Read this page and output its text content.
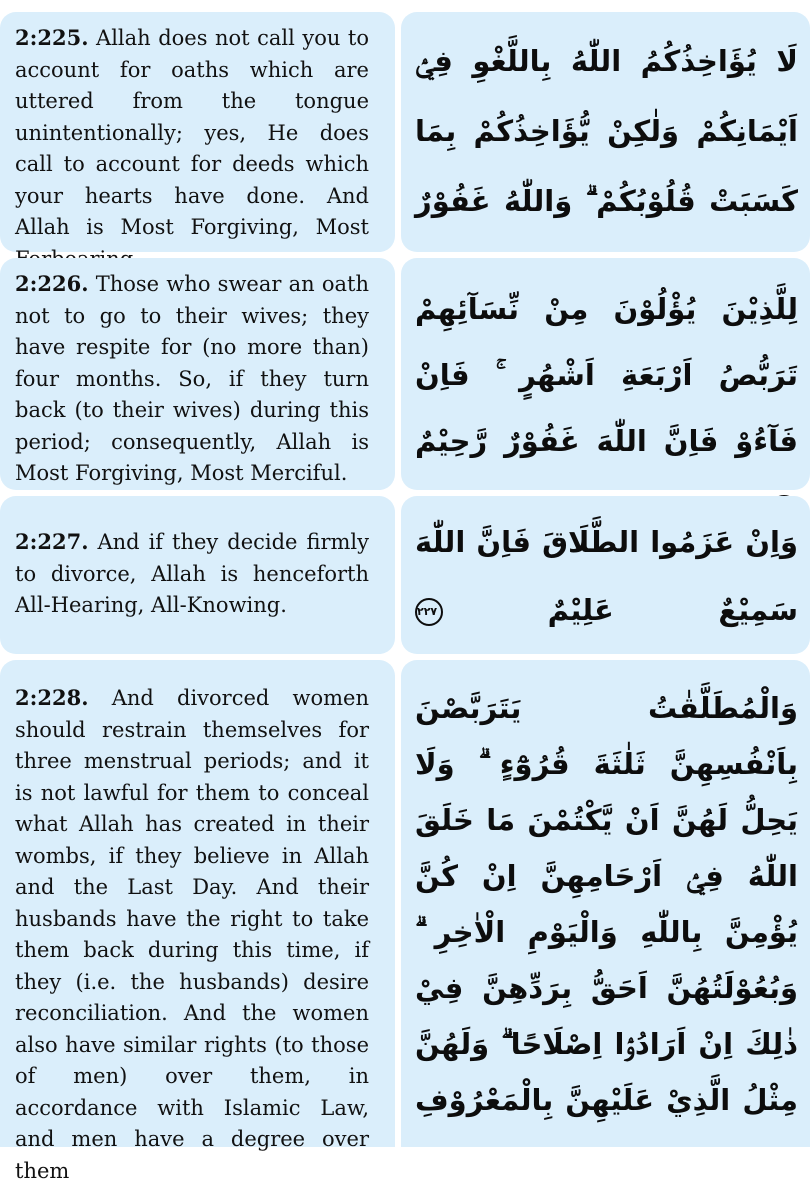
2:225. Allah does not call you to account for oaths which are uttered from the tongue unintentionally; yes, He does call to account for deeds which your hearts have done. And Allah is Most Forgiving, Most

لَا يُؤَاخِذُكُمُ اللّٰهُ بِاللَّغْوِ فِيْۤ اَيْمَانِكُمْ وَلٰكِنْ يُّؤَاخِذُكُمْ بِمَا كَسَبَتْ قُلُوْبُكُمْ ۗ وَاللّٰهُ غَفُوْرٌ

2:226. Those who swear an oath not to go to their wives; they have respite for (no more than) four months. So, if they turn back (to their wives) during this period; consequently, Allah is Most Forgiving, Most Merciful.

لِلَّذِيْنَ يُؤْلُوْنَ مِنْ نِّسَآئِهِمْ تَرَبُّصُ اَرْبَعَةِ اَشْهُرٍ ۚ فَاِنْ فَآءُوْ فَاِنَّ اللّٰهَ غَفُوْرٌ رَّحِيْمٌ

2:227. And if they decide firmly to divorce, Allah is henceforth All-Hearing, All-Knowing.

وَاِنْ عَزَمُوا الطَّلَاقَ فَاِنَّ اللّٰهَ سَمِيْعٌ عَلِيْمٌ ٢٢٧

2:228. And divorced women should restrain themselves for three menstrual periods; and it is not lawful for them to conceal what Allah has created in their wombs, if they believe in Allah and the Last Day. And their husbands have the right to take them back during this time, if they (i.e. the husbands) desire reconciliation. And the women also have similar rights (to those of men) over them, in accordance with Islamic Law, and men have a degree over them

وَالْمُطَلَّقٰتُ يَتَرَبَّصْنَ بِاَنْفُسِهِنَّ ثَلٰثَةَ قُرُوْٓءٍ ۗ وَلَا يَحِلُّ لَهُنَّ اَنْ يَّكْتُمْنَ مَا خَلَقَ اللّٰهُ فِيْۤ اَرْحَامِهِنَّ اِنْ كُنَّ يُؤْمِنَّ بِاللّٰهِ وَالْيَوْمِ الْاٰخِرِ ۗ وَبُعُوْلَتُهُنَّ اَحَقُّ بِرَدِّهِنَّ فِيْ ذٰلِكَ اِنْ اَرَادُوْۤا اِصْلَاحًا ۗ وَلَهُنَّ مِثْلُ الَّذِيْ عَلَيْهِنَّ بِالْمَعْرُوْفِ
